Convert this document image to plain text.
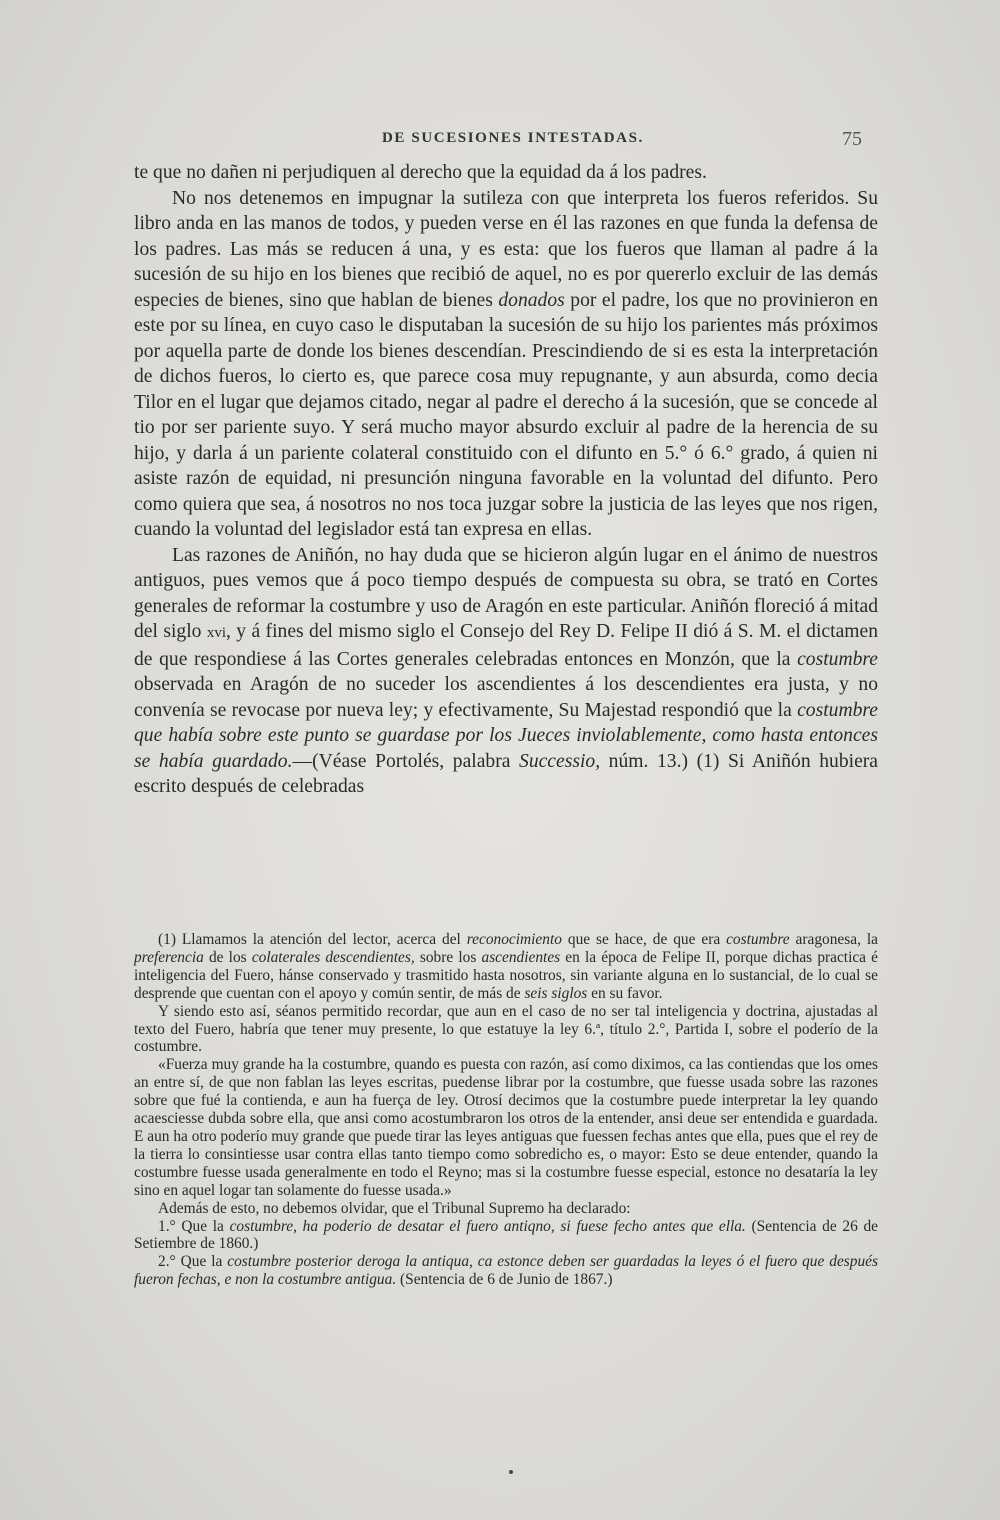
DE SUCESIONES INTESTADAS.	75

te que no dañen ni perjudiquen al derecho que la equidad da á los padres.

No nos detenemos en impugnar la sutileza con que interpreta los fueros referidos. Su libro anda en las manos de todos, y pueden verse en él las razones en que funda la defensa de los padres. Las más se reducen á una, y es esta: que los fueros que llaman al padre á la sucesión de su hijo en los bienes que recibió de aquel, no es por quererlo excluir de las demás especies de bienes, sino que hablan de bienes donados por el padre, los que no provinieron en este por su línea, en cuyo caso le disputaban la sucesión de su hijo los parientes más próximos por aquella parte de donde los bienes descendían. Prescindiendo de si es esta la interpretación de dichos fueros, lo cierto es, que parece cosa muy repugnante, y aun absurda, como decia Tilor en el lugar que dejamos citado, negar al padre el derecho á la sucesión, que se concede al tio por ser pariente suyo. Y será mucho mayor absurdo excluir al padre de la herencia de su hijo, y darla á un pariente colateral constituido con el difunto en 5.° ó 6.° grado, á quien ni asiste razón de equidad, ni presunción ninguna favorable en la voluntad del difunto. Pero como quiera que sea, á nosotros no nos toca juzgar sobre la justicia de las leyes que nos rigen, cuando la voluntad del legislador está tan expresa en ellas.

Las razones de Aniñón, no hay duda que se hicieron algún lugar en el ánimo de nuestros antiguos, pues vemos que á poco tiempo después de compuesta su obra, se trató en Cortes generales de reformar la costumbre y uso de Aragón en este particular. Aniñón floreció á mitad del siglo xvi, y á fines del mismo siglo el Consejo del Rey D. Felipe II dió á S. M. el dictamen de que respondiese á las Cortes generales celebradas entonces en Monzón, que la costumbre observada en Aragón de no suceder los ascendientes á los descendientes era justa, y no convenía se revocase por nueva ley; y efectivamente, Su Majestad respondió que la costumbre que había sobre este punto se guardase por los Jueces inviolablemente, como hasta entonces se había guardado.—(Véase Portolés, palabra Successio, núm. 13.) (1) Si Aniñón hubiera escrito después de celebradas

(1) Llamamos la atención del lector, acerca del reconocimiento que se hace, de que era costumbre aragonesa, la preferencia de los colaterales descendientes, sobre los ascendientes en la época de Felipe II, porque dichas practica é inteligencia del Fuero, hánse conservado y trasmitido hasta nosotros, sin variante alguna en lo sustancial, de lo cual se desprende que cuentan con el apoyo y común sentir, de más de seis siglos en su favor.

Y siendo esto así, séanos permitido recordar, que aun en el caso de no ser tal inteligencia y doctrina, ajustadas al texto del Fuero, habría que tener muy presente, lo que estatuye la ley 6.ª, título 2.°, Partida I, sobre el poderío de la costumbre.

«Fuerza muy grande ha la costumbre, quando es puesta con razón, así como diximos, ca las contiendas que los omes an entre sí, de que non fablan las leyes escritas, puedense librar por la costumbre, que fuesse usada sobre las razones sobre que fué la contienda, e aun ha fuerça de ley. Otrosí decimos que la costumbre puede interpretar la ley quando acaesciesse dubda sobre ella, que ansi como acostumbraron los otros de la entender, ansi deue ser entendida e guardada. E aun ha otro poderío muy grande que puede tirar las leyes antiguas que fuessen fechas antes que ella, pues que el rey de la tierra lo consintiesse usar contra ellas tanto tiempo como sobredicho es, o mayor: Esto se deue entender, quando la costumbre fuesse usada generalmente en todo el Reyno; mas si la costumbre fuesse especial, estonce no desataría la ley sino en aquel logar tan solamente do fuesse usada.»

Además de esto, no debemos olvidar, que el Tribunal Supremo ha declarado:

1.° Que la costumbre, ha poderio de desatar el fuero antiqno, si fuese fecho antes que ella. (Sentencia de 26 de Setiembre de 1860.)

2.° Que la costumbre posterior deroga la antiqua, ca estonce deben ser guardadas la leyes ó el fuero que después fueron fechas, e non la costumbre antigua. (Sentencia de 6 de Junio de 1867.)
